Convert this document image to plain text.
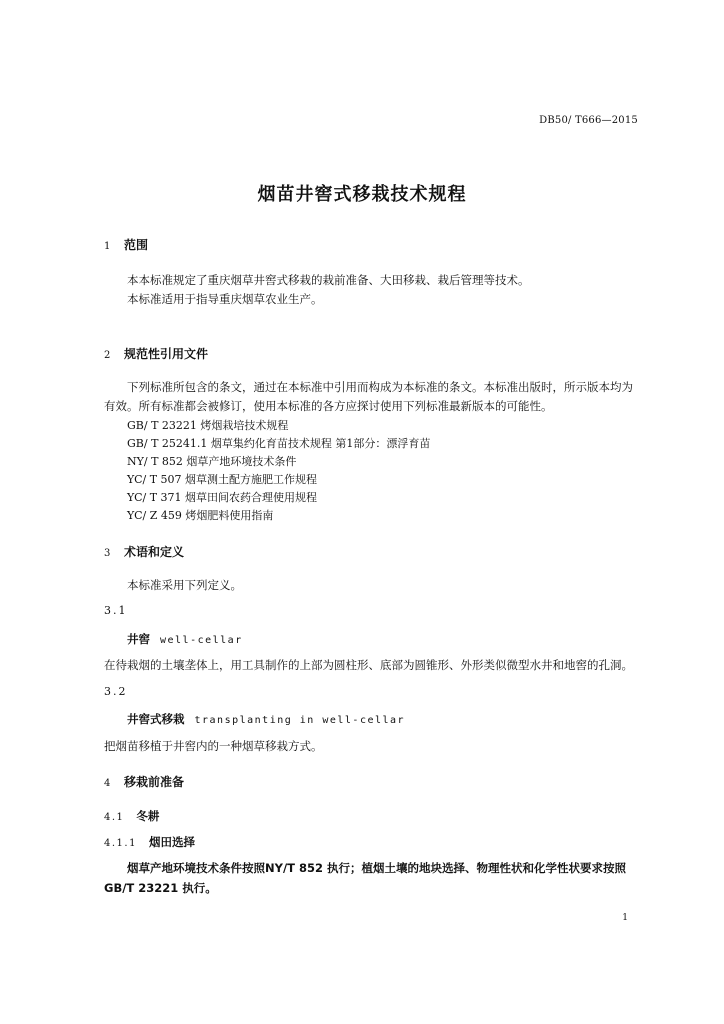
DB50/ T666—2015
烟苗井窖式移栽技术规程
1 范围
本本标准规定了重庆烟草井窖式移栽的栽前准备、大田移栽、栽后管理等技术。
本标准适用于指导重庆烟草农业生产。
2 规范性引用文件
下列标准所包含的条文，通过在本标准中引用而构成为本标准的条文。本标准出版时，所示版本均为有效。所有标准都会被修订，使用本标准的各方应探讨使用下列标准最新版本的可能性。
GB/ T 23221 烤烟栽培技术规程
GB/ T 25241.1 烟草集约化育苗技术规程 第1部分：漂浮育苗
NY/ T 852 烟草产地环境技术条件
YC/ T 507 烟草测土配方施肥工作规程
YC/ T 371 烟草田间农药合理使用规程
YC/ Z 459 烤烟肥料使用指南
3 术语和定义
本标准采用下列定义。
3.1
井窖 well-cellar
在待栽烟的土壤垄体上，用工具制作的上部为圆柱形、底部为圆锥形、外形类似微型水井和地窖的孔洞。
3.2
井窖式移栽 transplanting in well-cellar
把烟苗移植于井窖内的一种烟草移栽方式。
4 移栽前准备
4.1 冬耕
4.1.1 烟田选择
烟草产地环境技术条件按照NY/T 852 执行；植烟土壤的地块选择、物理性状和化学性状要求按照GB/T 23221 执行。
1
